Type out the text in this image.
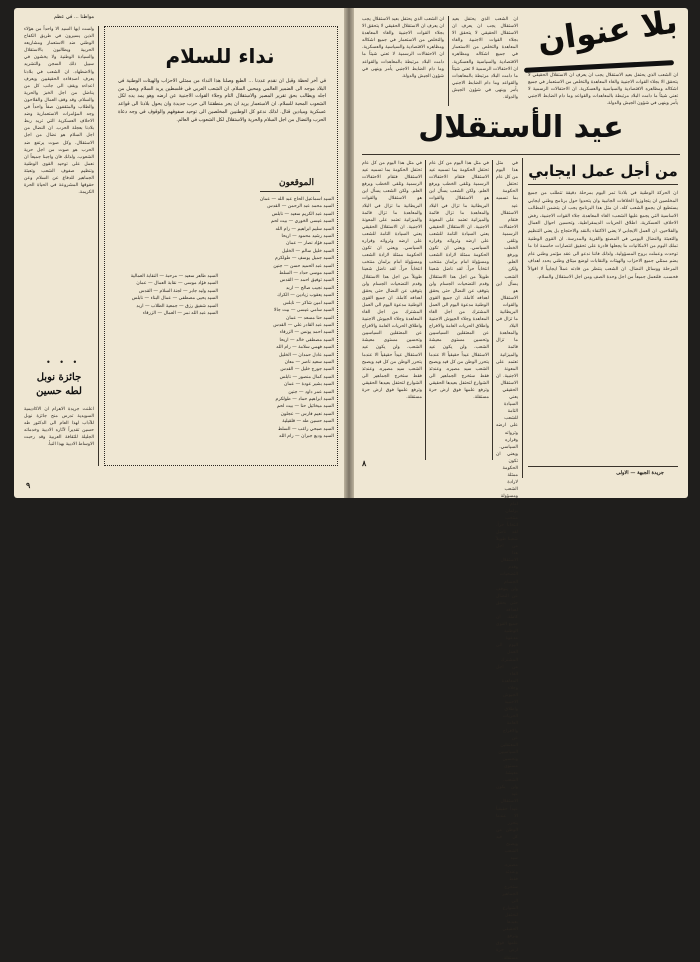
مواطنا ... في عظم
نداء للسلام
في أخر لحظة وقبل ان نقدم عددنا ... الطبع وصلنا هذا النداء من ممثلي الاحزاب والهيئات الوطنية في البلاد موجه الى الضمير العالمي ومحبي السلام. ان الشعب العربي في فلسطين يريد السلام ويعمل من اجله ويطالب بحق تقرير المصير والاستقلال التام وجلاء القوات الاجنبية عن ارضه وهو يمد يده لكل الشعوب المحبة للسلام. ان الاستعمار يريد ان يجر منطقتنا الى حرب جديدة وان يحول بلادنا الى قواعد عسكرية وميادين قتال. لذلك ندعو كل الوطنيين المخلصين الى توحيد صفوفهم والوقوف في وجه دعاة الحرب والنضال من اجل السلام والحرية والاستقلال لكل الشعوب في العالم.
الموقعون
السيد اسماعيل الحاج عبد الله — عمان
السيد محمد عبد الرحمن — القدس
السيد عبد الكريم سعيد — نابلس
السيد عيسى الخوري — بيت لحم
السيد سليم ابراهيم — رام الله
السيد رشيد محمود — اريحا
السيد فؤاد نصار — عمان
السيد خليل سالم — الخليل
السيد جميل يوسف — طولكرم
السيد عبد الحميد حسن — جنين
السيد موسى حداد — السلط
السيد توفيق احمد — القدس
السيد نجيب صالح — اربد
السيد يعقوب زيادين — الكرك
السيد امين شاكر — نابلس
السيد سامي عيسى — بيت جالا
السيد حنا مسعد — عمان
السيد عبد القادر علي — القدس
السيد احمد يونس — الزرقاء
السيد مصطفى خالد — اريحا
السيد فهمي سلامة — رام الله
السيد عادل حمدان — الخليل
السيد سعيد ناصر — معان
السيد جورج خليل — القدس
السيد كمال منصور — نابلس
السيد بشير عودة — عمان
السيد عمر داود — جنين
السيد ابراهيم حماد — طولكرم
السيد ميخائيل حنا — بيت لحم
السيد نعيم فارس — عجلون
السيد حسين طه — قلقيلية
السيد صبحي راغب — السلط
السيد وديع جبران — رام الله
السيد طاهر سعيد — مرحبة — النقابة العمالية
السيد فؤاد موسى — نقابة العمال — عمان
السيد وليد جابر — لجنة السلام — القدس
السيد يحيى مصطفى — عمال البناء — نابلس
السيد شفيق رزق — جمعية الطلاب — اربد
السيد عبد الله نمر — العمال — الزرقاء
ولست ايها السيد الا واحداً من هؤلاء الذين يسيرون في طريق الكفاح الوطني ضد الاستعمار ومشاريعه الحربية ويطالبون بالاستقلال والسيادة الوطنية ولا يخشون في سبيل ذلك السجن والتشريد والاضطهاد. ان الشعب في بلادنا يعرف اصدقاءه الحقيقيين ويعرف اعداءه ويقف الى جانب كل من يناضل من اجل الخبز والحرية والسلام. وقد وقف العمال والفلاحون والطلاب والمثقفون صفاً واحداً في وجه المؤامرات الاستعمارية وضد الاحلاف العسكرية التي تريد ربط بلادنا بعجلة الحرب. ان النضال من اجل السلام هو نضال من اجل الاستقلال. وكل صوت يرتفع ضد الحرب هو صوت من اجل حرية الشعوب. ولذلك فان واجبنا جميعاً ان نعمل على توحيد القوى الوطنية وتنظيم صفوف الشعب وتعبئة الجماهير للدفاع عن السلام وعن حقوقها المشروعة في الحياة الحرة الكريمة.
• • •
جائزة نوبل
لطه حسين
اعلنت جريدة الاهرام ان الاكاديمية السويدية تدرس منح جائزة نوبل للآداب لهذا العام الى الدكتور طه حسين تقديراً لآثاره الادبية وخدماته الجليلة للثقافة العربية وقد رحبت الاوساط الادبية بهذا النبأ.
٩
بلا عنوان
ان الشعب الذي يحتفل بعيد الاستقلال يجب ان يعرف ان الاستقلال الحقيقي لا يتحقق الا بجلاء القوات الاجنبية والغاء المعاهدة والتخلص من الاستعمار في جميع اشكاله ومظاهره الاقتصادية والسياسية والعسكرية. ان الاحتفالات الرسمية لا تعني شيئاً ما دامت البلاد مرتبطة بالمعاهدات والقواعد وما دام الضابط الاجنبي يأمر وينهى في شؤون الجيش والدولة.
ان الشعب الذي يحتفل بعيد الاستقلال يجب ان يعرف ان الاستقلال الحقيقي لا يتحقق الا بجلاء القوات الاجنبية والغاء المعاهدة والتخلص من الاستعمار في جميع اشكاله ومظاهره الاقتصادية والسياسية والعسكرية. ان الاحتفالات الرسمية لا تعني شيئاً ما دامت البلاد مرتبطة بالمعاهدات والقواعد وما دام الضابط الاجنبي يأمر وينهى في شؤون الجيش والدولة.
ان الشعب الذي يحتفل بعيد الاستقلال يجب ان يعرف ان الاستقلال الحقيقي لا يتحقق الا بجلاء القوات الاجنبية والغاء المعاهدة والتخلص من الاستعمار في جميع اشكاله ومظاهره الاقتصادية والسياسية والعسكرية. ان الاحتفالات الرسمية لا تعني شيئاً ما دامت البلاد مرتبطة بالمعاهدات والقواعد وما دام الضابط الاجنبي يأمر وينهى في شؤون الجيش والدولة.
عيد الأستقلال
في مثل هذا اليوم من كل عام تحتفل الحكومة بما تسميه عيد الاستقلال فتقام الاحتفالات الرسمية وتلقى الخطب ويرفع العلم. ولكن الشعب يسأل اين هو الاستقلال والقوات البريطانية ما تزال في البلاد والمعاهدة ما تزال قائمة والميزانية تعتمد على المعونة الاجنبية. ان الاستقلال الحقيقي يعني السيادة التامة للشعب على ارضه وثرواته وقراره السياسي. ويعني ان تكون الحكومة ممثلة لارادة الشعب ومسؤولة امام برلمان منتخب انتخاباً حراً. لقد ناضل شعبنا طويلاً من اجل هذا الاستقلال وقدم التضحيات الجسام ولن يتوقف عن النضال حتى يحقق اهدافه كاملة. ان جميع القوى الوطنية مدعوة اليوم الى العمل المشترك من اجل الغاء المعاهدة وجلاء الجيوش الاجنبية واطلاق الحريات العامة والافراج عن المعتقلين السياسيين وتحسين مستوى معيشة الشعب. ولن يكون عيد الاستقلال عيداً حقيقياً الا عندما يتحرر الوطن من كل قيد ويصبح الشعب سيد مصيره. وعندئذ فقط ستخرج الجماهير الى الشوارع لتحتفل بعيدها الحقيقي وترفع علمها فوق ارض حرة مستقلة.
في مثل هذا اليوم من كل عام تحتفل الحكومة بما تسميه عيد الاستقلال فتقام الاحتفالات الرسمية وتلقى الخطب ويرفع العلم. ولكن الشعب يسأل اين هو الاستقلال والقوات البريطانية ما تزال في البلاد والمعاهدة ما تزال قائمة والميزانية تعتمد على المعونة الاجنبية. ان الاستقلال الحقيقي يعني السيادة التامة للشعب على ارضه وثرواته وقراره السياسي. ويعني ان تكون الحكومة ممثلة لارادة الشعب ومسؤولة امام برلمان منتخب انتخاباً حراً. لقد ناضل شعبنا طويلاً من اجل هذا الاستقلال وقدم التضحيات الجسام ولن يتوقف عن النضال حتى يحقق اهدافه كاملة. ان جميع القوى الوطنية مدعوة اليوم الى العمل المشترك من اجل الغاء المعاهدة وجلاء الجيوش الاجنبية واطلاق الحريات العامة والافراج عن المعتقلين السياسيين وتحسين مستوى معيشة الشعب. ولن يكون عيد الاستقلال عيداً حقيقياً الا عندما يتحرر الوطن من كل قيد ويصبح الشعب سيد مصيره. وعندئذ فقط ستخرج الجماهير الى الشوارع لتحتفل بعيدها الحقيقي وترفع علمها فوق ارض حرة مستقلة.
في مثل هذا اليوم من كل عام تحتفل الحكومة بما تسميه عيد الاستقلال فتقام الاحتفالات الرسمية وتلقى الخطب ويرفع العلم. ولكن الشعب يسأل اين هو الاستقلال والقوات البريطانية ما تزال في البلاد والمعاهدة ما تزال قائمة والميزانية تعتمد على المعونة الاجنبية. ان الاستقلال الحقيقي يعني السيادة التامة للشعب على ارضه وثرواته وقراره السياسي. ويعني ان تكون الحكومة ممثلة لارادة الشعب ومسؤولة امام برلمان منتخب انتخاباً حراً. لقد ناضل شعبنا طويلاً من اجل هذا الاستقلال وقدم التضحيات الجسام ولن يتوقف عن النضال حتى يحقق اهدافه كاملة. ان جميع القوى الوطنية مدعوة اليوم الى العمل المشترك من اجل الغاء المعاهدة وجلاء الجيوش الاجنبية واطلاق الحريات العامة والافراج عن المعتقلين السياسيين وتحسين مستوى معيشة الشعب. ولن يكون عيد الاستقلال عيداً حقيقياً الا عندما يتحرر الوطن من كل قيد ويصبح الشعب سيد مصيره. وعندئذ فقط ستخرج الجماهير الى الشوارع لتحتفل بعيدها الحقيقي وترفع علمها فوق ارض حرة مستقلة.
من أجل عمل ايجابي
ان الحركة الوطنية في بلادنا تمر اليوم بمرحلة دقيقة تتطلب من جميع المخلصين ان يتجاوزوا الخلافات الجانبية وان يتحدوا حول برنامج وطني ايجابي يستطيع ان يجمع الشعب كله. ان مثل هذا البرنامج يجب ان يتضمن المطالب الاساسية التي يجمع عليها الشعب: الغاء المعاهدة، جلاء القوات الاجنبية، رفض الاحلاف العسكرية، اطلاق الحريات الديمقراطية، وتحسين احوال العمال والفلاحين. ان العمل الايجابي لا يعني الاكتفاء بالنقد والاحتجاج بل يعني التنظيم والتعبئة والنضال اليومي في المصنع والقرية والمدرسة. ان القوى الوطنية تملك اليوم من الامكانيات ما يجعلها قادرة على تحقيق انتصارات حاسمة اذا ما توحدت وعملت بروح المسؤولية. ولذلك فاننا ندعو الى عقد مؤتمر وطني عام يضم ممثلي جميع الاحزاب والهيئات والنقابات لوضع ميثاق وطني يحدد اهداف المرحلة ووسائل النضال. ان الشعب ينتظر من قادته عملاً ايجابياً لا اقوالاً فحسب. فلنعمل جميعاً من اجل وحدة الصف ومن اجل الاستقلال والسلام.
جريدة الجبهة — الاولى
٨
